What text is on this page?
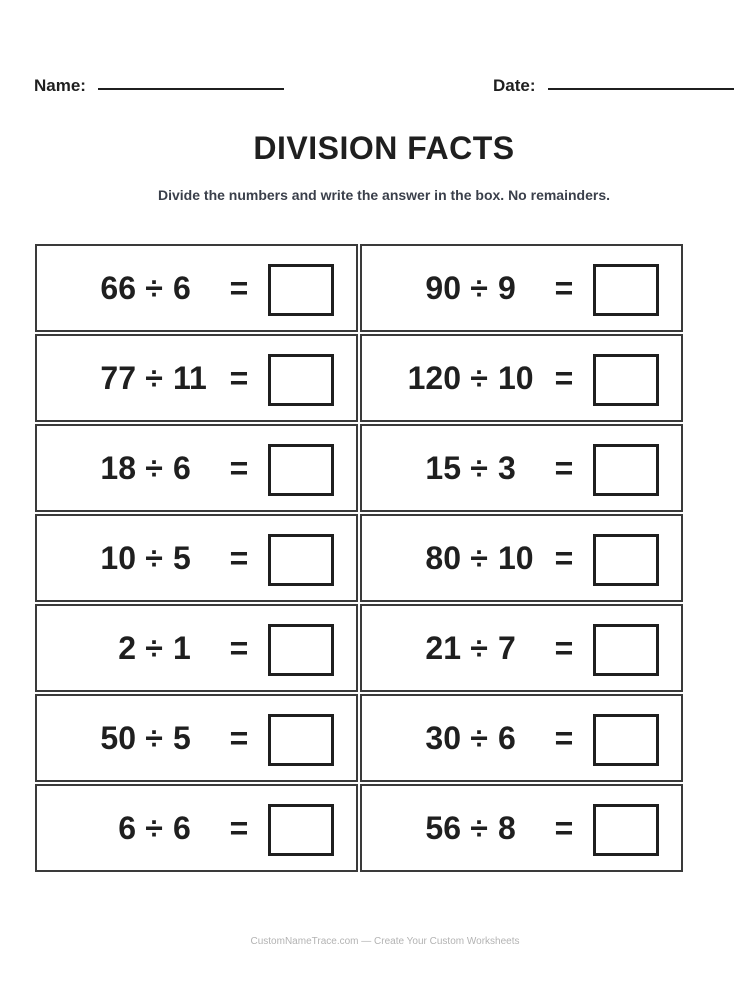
Name:	Date:
DIVISION FACTS
Divide the numbers and write the answer in the box. No remainders.
66 ÷ 6 =	90 ÷ 9 =
77 ÷ 11 =	120 ÷ 10 =
18 ÷ 6 =	15 ÷ 3 =
10 ÷ 5 =	80 ÷ 10 =
2 ÷ 1 =	21 ÷ 7 =
50 ÷ 5 =	30 ÷ 6 =
6 ÷ 6 =	56 ÷ 8 =
CustomNameTrace.com — Create Your Custom Worksheets
